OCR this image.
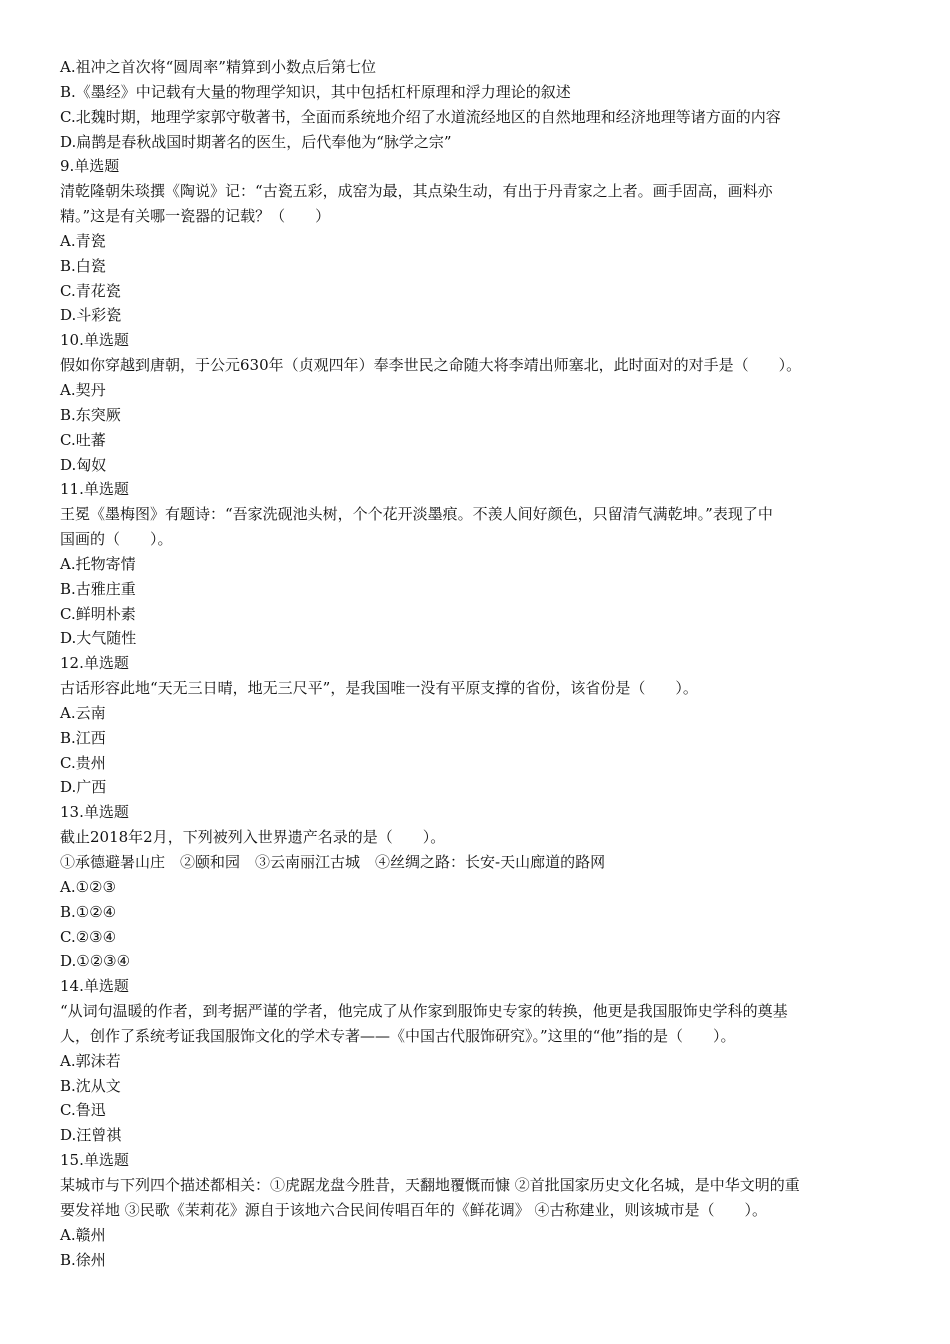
A.祖冲之首次将“圆周率”精算到小数点后第七位
B.《墨经》中记载有大量的物理学知识，其中包括杠杆原理和浮力理论的叙述
C.北魏时期，地理学家郭守敬著书，全面而系统地介绍了水道流经地区的自然地理和经济地理等诸方面的内容
D.扁鹊是春秋战国时期著名的医生，后代奉他为“脉学之宗”
9.单选题
清乾隆朝朱琰撰《陶说》记：“古瓷五彩，成窑为最，其点染生动，有出于丹青家之上者。画手固高，画料亦
精。”这是有关哪一瓷器的记载？（　　）
A.青瓷
B.白瓷
C.青花瓷
D.斗彩瓷
10.单选题
假如你穿越到唐朝，于公元630年（贞观四年）奉李世民之命随大将李靖出师塞北，此时面对的对手是（　　）。
A.契丹
B.东突厥
C.吐蕃
D.匈奴
11.单选题
王冕《墨梅图》有题诗：“吾家洗砚池头树，个个花开淡墨痕。不羡人间好颜色，只留清气满乾坤。”表现了中
国画的（　　）。
A.托物寄情
B.古雅庄重
C.鲜明朴素
D.大气随性
12.单选题
古话形容此地“天无三日晴，地无三尺平”，是我国唯一没有平原支撑的省份，该省份是（　　）。
A.云南
B.江西
C.贵州
D.广西
13.单选题
截止2018年2月，下列被列入世界遗产名录的是（　　）。
①承德避暑山庄　②颐和园　③云南丽江古城　④丝绸之路：长安-天山廊道的路网
A.①②③
B.①②④
C.②③④
D.①②③④
14.单选题
“从词句温暖的作者，到考据严谨的学者，他完成了从作家到服饰史专家的转换，他更是我国服饰史学科的奠基
人，创作了系统考证我国服饰文化的学术专著——《中国古代服饰研究》。”这里的“他”指的是（　　）。
A.郭沫若
B.沈从文
C.鲁迅
D.汪曾祺
15.单选题
某城市与下列四个描述都相关：①虎踞龙盘今胜昔，天翻地覆慨而慷 ②首批国家历史文化名城，是中华文明的重
要发祥地 ③民歌《茉莉花》源自于该地六合民间传唱百年的《鲜花调》 ④古称建业，则该城市是（　　）。
A.赣州
B.徐州
